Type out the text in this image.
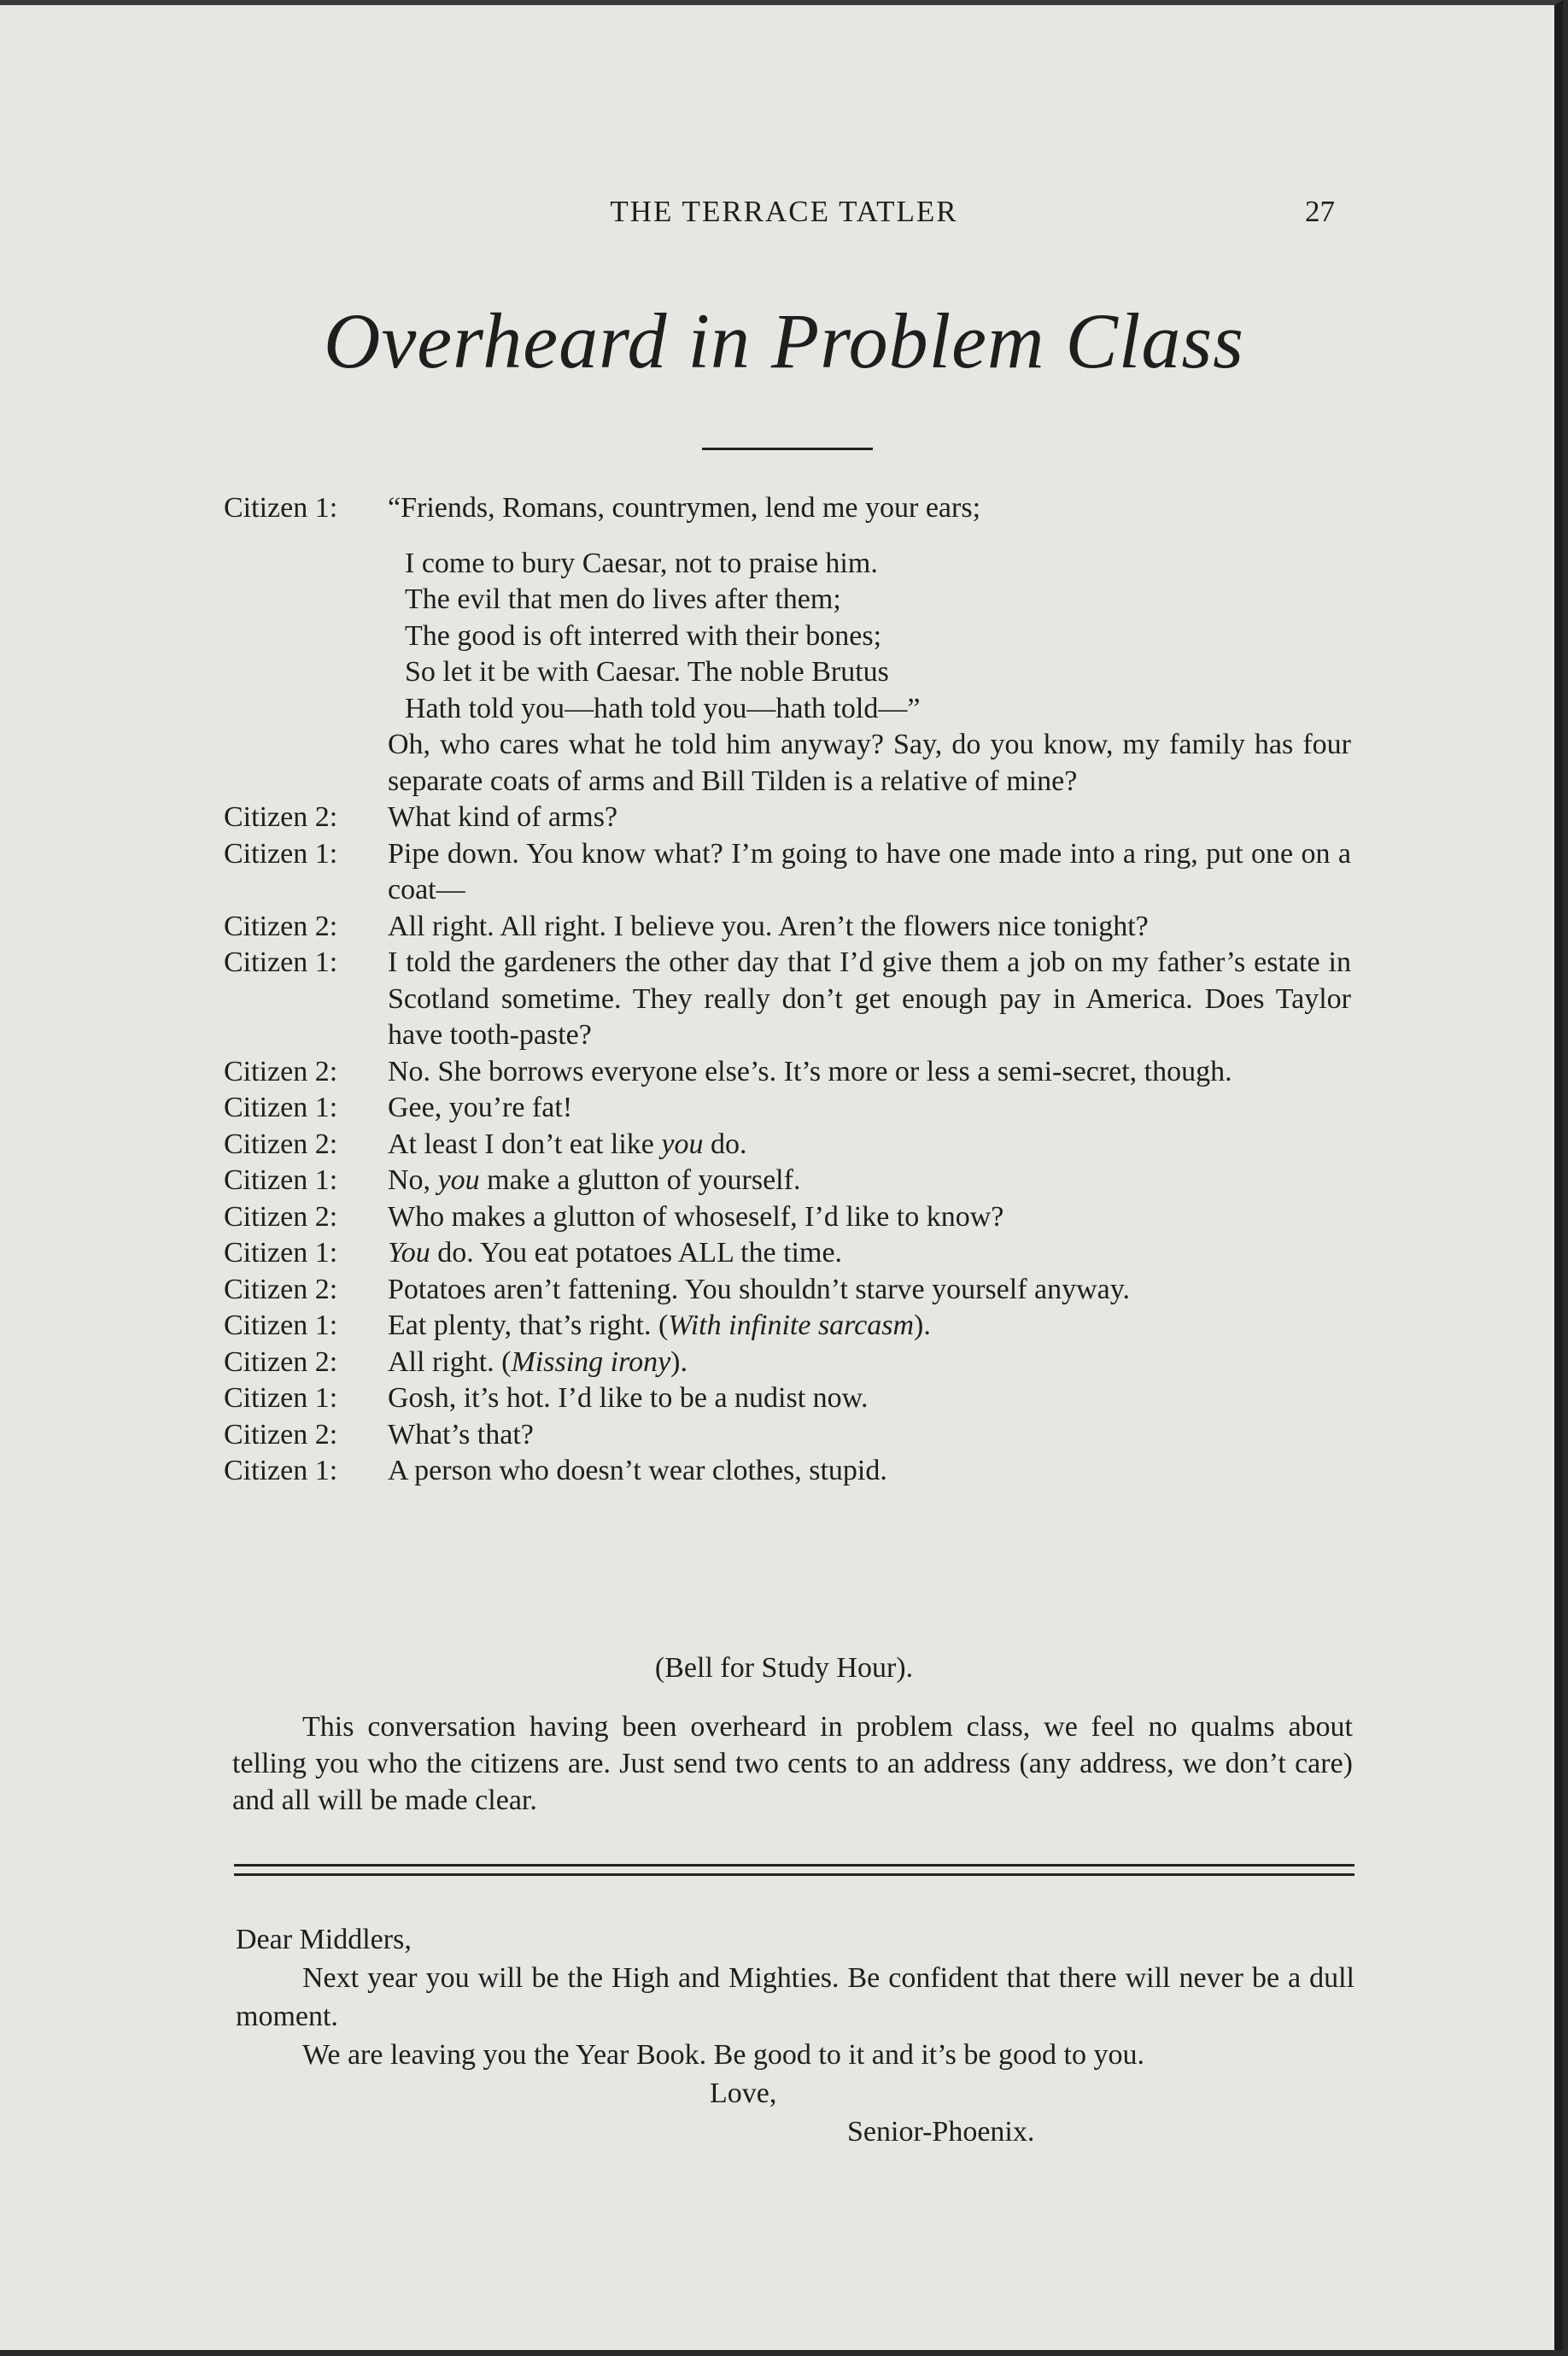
THE TERRACE TATLER	27
Overheard in Problem Class
Citizen 1:	“Friends, Romans, countrymen, lend me your ears;
I come to bury Caesar, not to praise him.
The evil that men do lives after them;
The good is oft interred with their bones;
So let it be with Caesar. The noble Brutus
Hath told you—hath told you—hath told—”
Oh, who cares what he told him anyway? Say, do you know, my family has four separate coats of arms and Bill Tilden is a relative of mine?
Citizen 2:	What kind of arms?
Citizen 1:	Pipe down. You know what? I’m going to have one made into a ring, put one on a coat—
Citizen 2:	All right. All right. I believe you. Aren’t the flowers nice tonight?
Citizen 1:	I told the gardeners the other day that I’d give them a job on my father’s estate in Scotland sometime. They really don’t get enough pay in America. Does Taylor have tooth-paste?
Citizen 2:	No. She borrows everyone else’s. It’s more or less a semi-secret, though.
Citizen 1:	Gee, you’re fat!
Citizen 2:	At least I don’t eat like you do.
Citizen 1:	No, you make a glutton of yourself.
Citizen 2:	Who makes a glutton of whoseself, I’d like to know?
Citizen 1:	You do. You eat potatoes ALL the time.
Citizen 2:	Potatoes aren’t fattening. You shouldn’t starve yourself anyway.
Citizen 1:	Eat plenty, that’s right. (With infinite sarcasm).
Citizen 2:	All right. (Missing irony).
Citizen 1:	Gosh, it’s hot. I’d like to be a nudist now.
Citizen 2:	What’s that?
Citizen 1:	A person who doesn’t wear clothes, stupid.
(Bell for Study Hour).

This conversation having been overheard in problem class, we feel no qualms about telling you who the citizens are. Just send two cents to an address (any address, we don’t care) and all will be made clear.

Dear Middlers,

Next year you will be the High and Mighties. Be confident that there will never be a dull moment.

We are leaving you the Year Book. Be good to it and it’s be good to you.

Love,

Senior-Phoenix.
